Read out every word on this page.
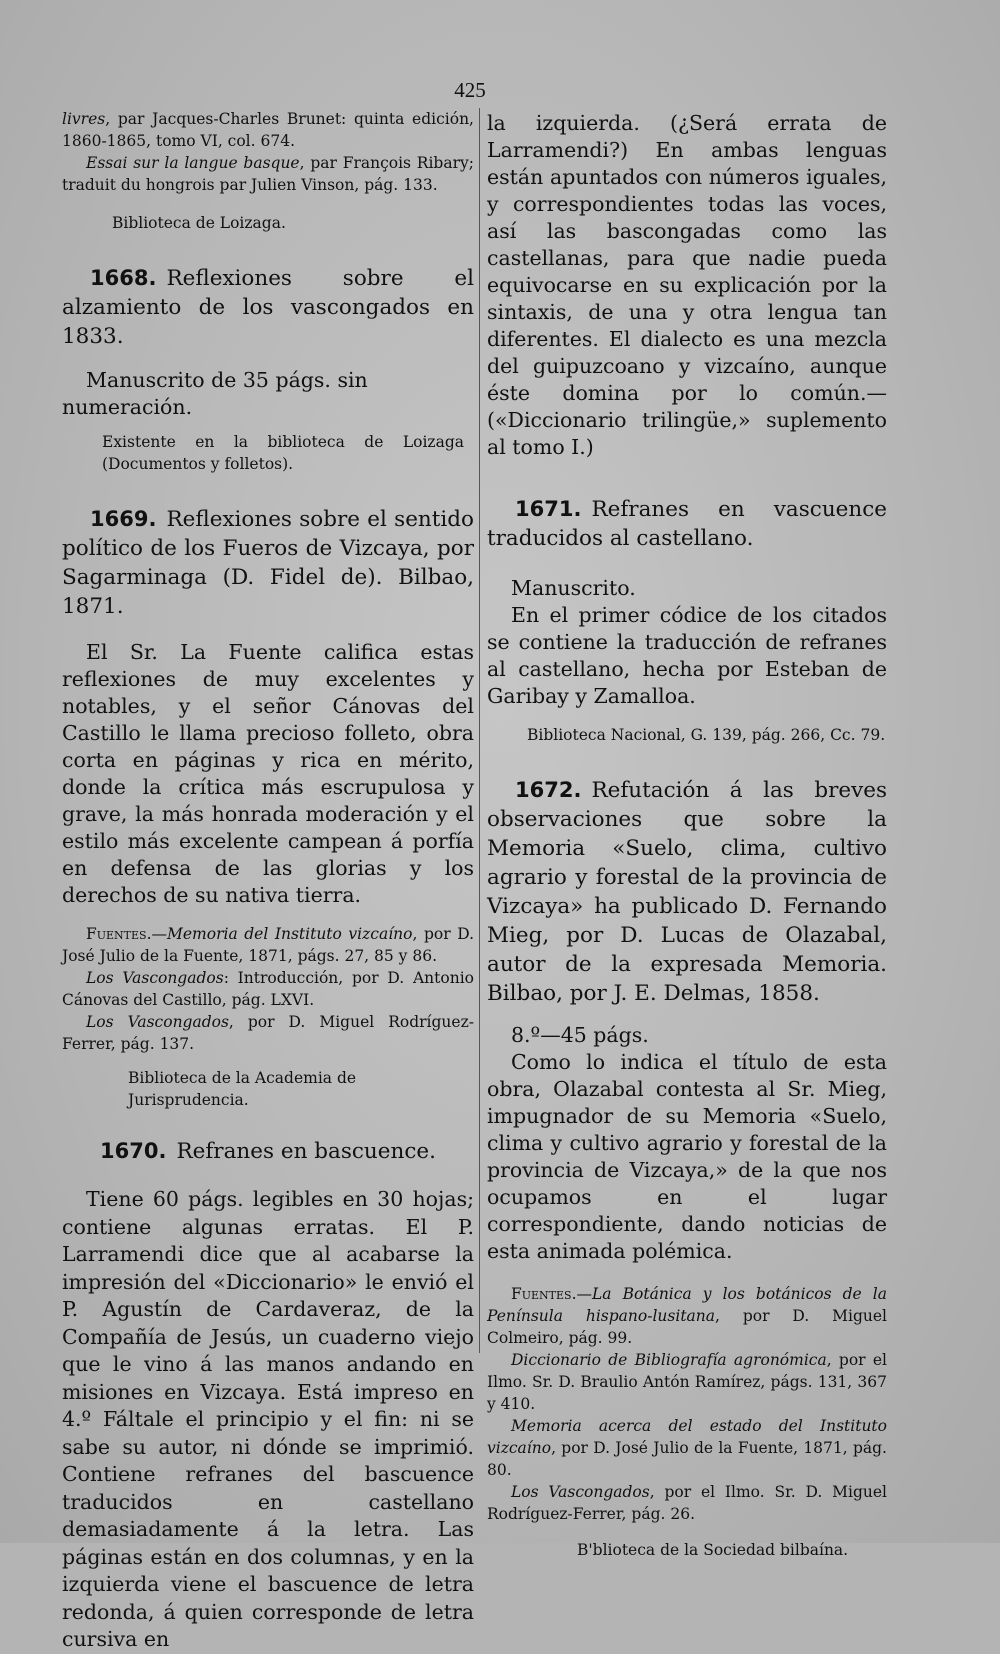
425

livres, par Jacques-Charles Brunet: quinta edición, 1860-1865, tomo VI, col. 674.

Essai sur la langue basque, par François Ribary; traduit du hongrois par Julien Vinson, pág. 133.

Biblioteca de Loizaga.

1668. Reflexiones sobre el alzamiento de los vascongados en 1833.

Manuscrito de 35 págs. sin numeración.

Existente en la biblioteca de Loizaga (Documentos y folletos).

1669. Reflexiones sobre el sentido político de los Fueros de Vizcaya, por Sagarminaga (D. Fidel de). Bilbao, 1871.

El Sr. La Fuente califica estas reflexiones de muy excelentes y notables, y el señor Cánovas del Castillo le llama precioso folleto, obra corta en páginas y rica en mérito, donde la crítica más escrupulosa y grave, la más honrada moderación y el estilo más excelente campean á porfía en defensa de las glorias y los derechos de su nativa tierra.

Fuentes.—Memoria del Instituto vizcaíno, por D. José Julio de la Fuente, 1871, págs. 27, 85 y 86.

Los Vascongados: Introducción, por D. Antonio Cánovas del Castillo, pág. LXVI.

Los Vascongados, por D. Miguel Rodríguez-Ferrer, pág. 137.

Biblioteca de la Academia de Jurisprudencia.

1670. Refranes en bascuence.

Tiene 60 págs. legibles en 30 hojas; contiene algunas erratas. El P. Larramendi dice que al acabarse la impresión del «Diccionario» le envió el P. Agustín de Cardaveraz, de la Compañía de Jesús, un cuaderno viejo que le vino á las manos andando en misiones en Vizcaya. Está impreso en 4.º Fáltale el principio y el fin: ni se sabe su autor, ni dónde se imprimió. Contiene refranes del bascuence traducidos en castellano demasiadamente á la letra. Las páginas están en dos columnas, y en la izquierda viene el bascuence de letra redonda, á quien corresponde de letra cursiva en

la izquierda. (¿Será errata de Larramendi?) En ambas lenguas están apuntados con números iguales, y correspondientes todas las voces, así las bascongadas como las castellanas, para que nadie pueda equivocarse en su explicación por la sintaxis, de una y otra lengua tan diferentes. El dialecto es una mezcla del guipuzcoano y vizcaíno, aunque éste domina por lo común.—(«Diccionario trilingüe,» suplemento al tomo I.)

1671. Refranes en vascuence traducidos al castellano.

Manuscrito.

En el primer códice de los citados se contiene la traducción de refranes al castellano, hecha por Esteban de Garibay y Zamalloa.

Biblioteca Nacional, G. 139, pág. 266, Cc. 79.

1672. Refutación á las breves observaciones que sobre la Memoria «Suelo, clima, cultivo agrario y forestal de la provincia de Vizcaya» ha publicado D. Fernando Mieg, por D. Lucas de Olazabal, autor de la expresada Memoria. Bilbao, por J. E. Delmas, 1858.

8.º—45 págs.

Como lo indica el título de esta obra, Olazabal contesta al Sr. Mieg, impugnador de su Memoria «Suelo, clima y cultivo agrario y forestal de la provincia de Vizcaya,» de la que nos ocupamos en el lugar correspondiente, dando noticias de esta animada polémica.

Fuentes.—La Botánica y los botánicos de la Península hispano-lusitana, por D. Miguel Colmeiro, pág. 99.

Diccionario de Bibliografía agronómica, por el Ilmo. Sr. D. Braulio Antón Ramírez, págs. 131, 367 y 410.

Memoria acerca del estado del Instituto vizcaíno, por D. José Julio de la Fuente, 1871, pág. 80.

Los Vascongados, por el Ilmo. Sr. D. Miguel Rodríguez-Ferrer, pág. 26.

B'blioteca de la Sociedad bilbaína.
